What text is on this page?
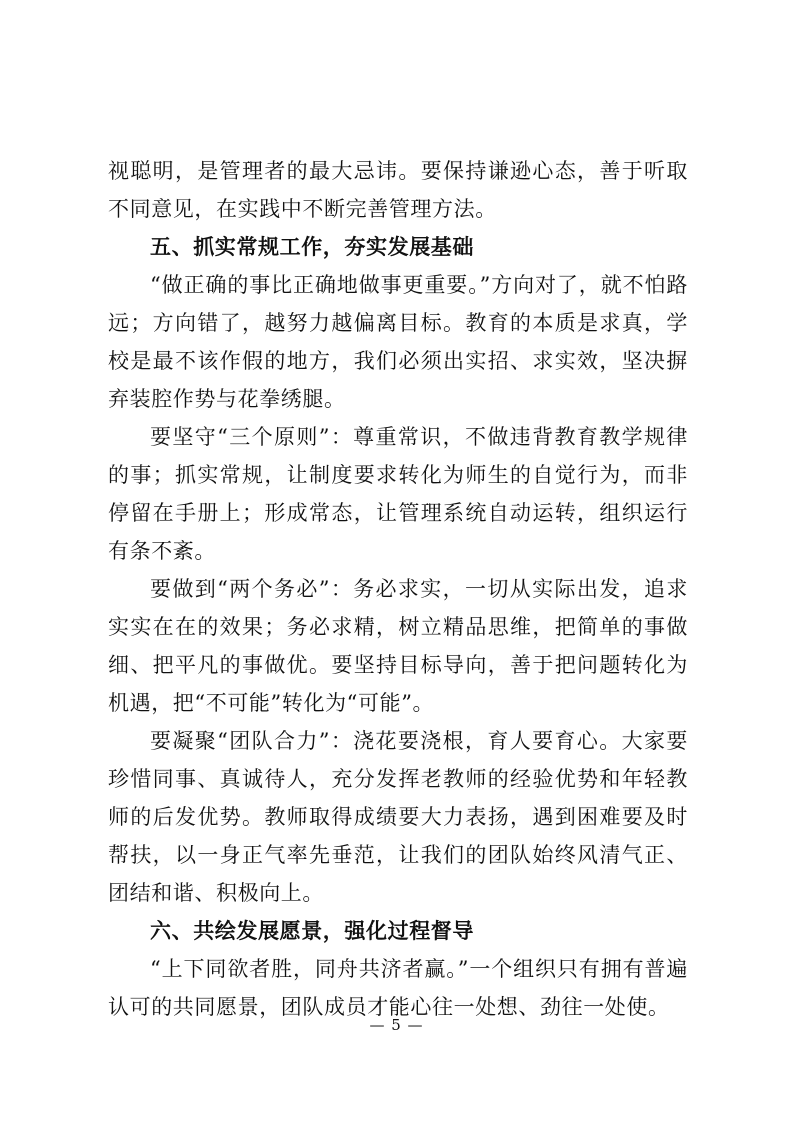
视聪明，是管理者的最大忌讳。要保持谦逊心态，善于听取不同意见，在实践中不断完善管理方法。

五、抓实常规工作，夯实发展基础

“做正确的事比正确地做事更重要。”方向对了，就不怕路远；方向错了，越努力越偏离目标。教育的本质是求真，学校是最不该作假的地方，我们必须出实招、求实效，坚决摒弃装腔作势与花拳绣腿。

要坚守“三个原则”：尊重常识，不做违背教育教学规律的事；抓实常规，让制度要求转化为师生的自觉行为，而非停留在手册上；形成常态，让管理系统自动运转，组织运行有条不紊。

要做到“两个务必”：务必求实，一切从实际出发，追求实实在在的效果；务必求精，树立精品思维，把简单的事做细、把平凡的事做优。要坚持目标导向，善于把问题转化为机遇，把“不可能”转化为“可能”。

要凝聚“团队合力”：浇花要浇根，育人要育心。大家要珍惜同事、真诚待人，充分发挥老教师的经验优势和年轻教师的后发优势。教师取得成绩要大力表扬，遇到困难要及时帮扶，以一身正气率先垂范，让我们的团队始终风清气正、团结和谐、积极向上。

六、共绘发展愿景，强化过程督导

“上下同欲者胜，同舟共济者赢。”一个组织只有拥有普遍认可的共同愿景，团队成员才能心往一处想、劲往一处使。

— 5 —
